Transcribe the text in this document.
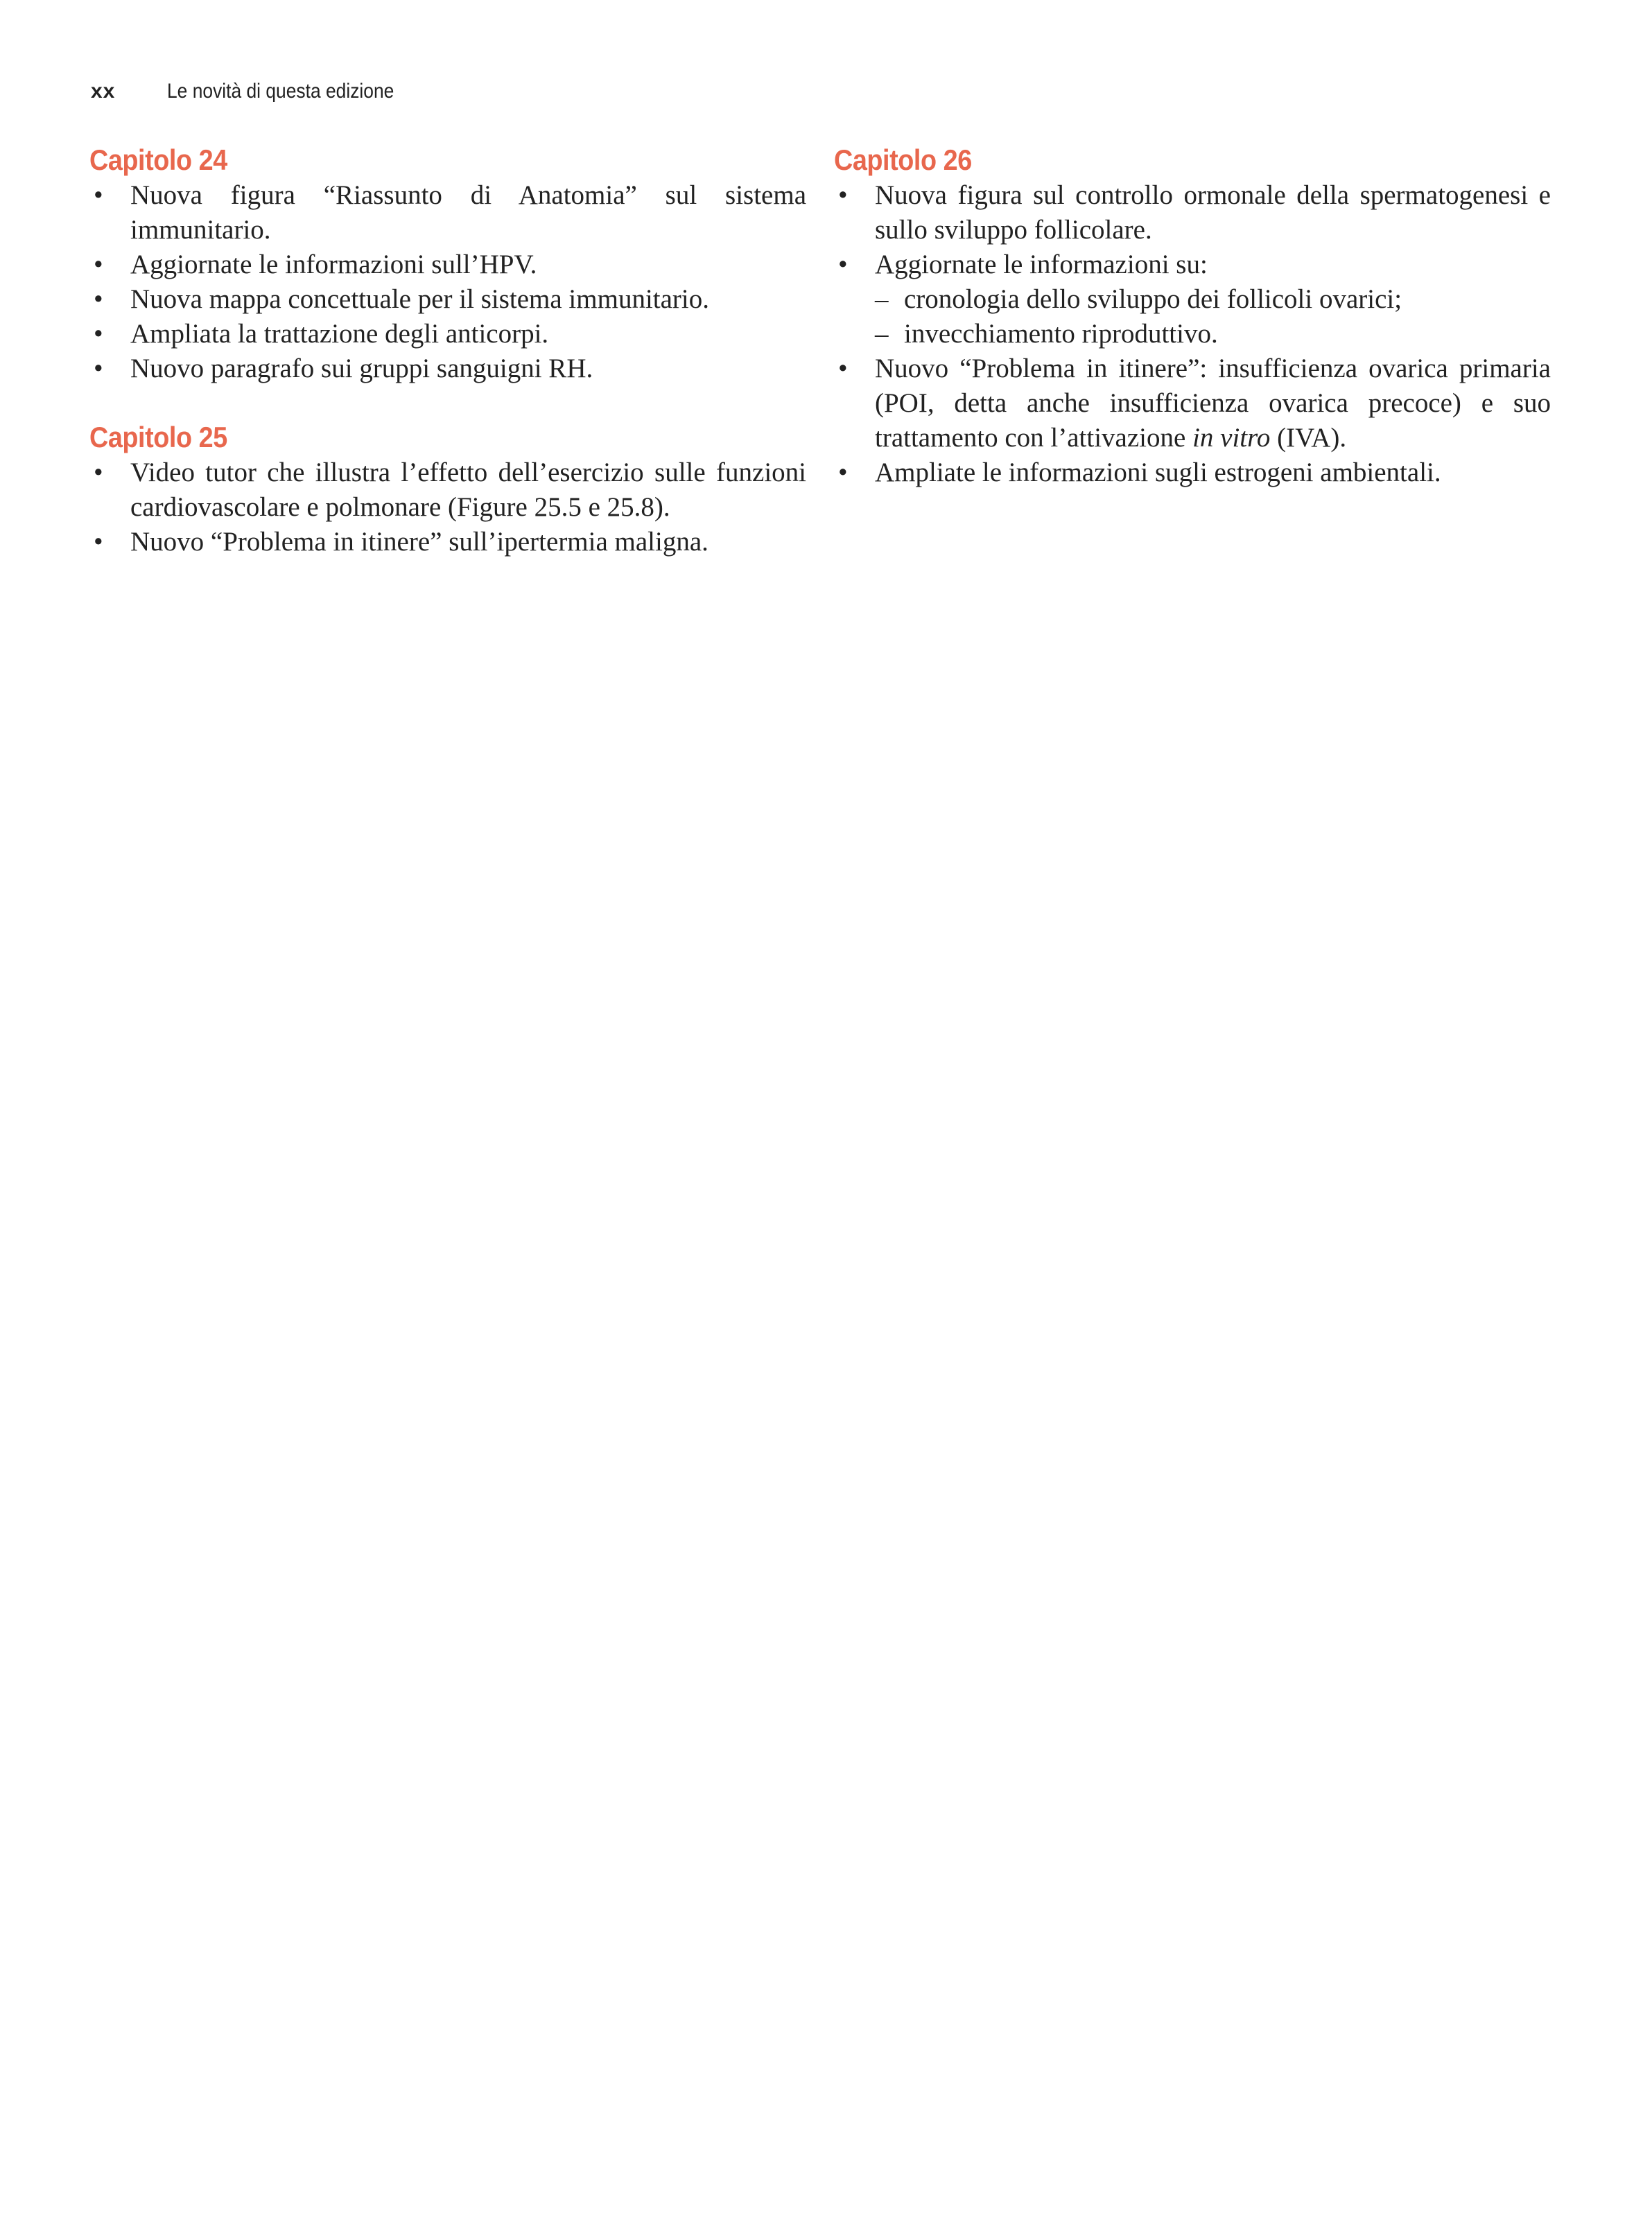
xx	Le novità di questa edizione
Capitolo 24
•	Nuova figura “Riassunto di Anatomia” sul sistema immunitario.
•	Aggiornate le informazioni sull’HPV.
•	Nuova mappa concettuale per il sistema immunitario.
•	Ampliata la trattazione degli anticorpi.
•	Nuovo paragrafo sui gruppi sanguigni RH.
Capitolo 25
•	Video tutor che illustra l’effetto dell’esercizio sulle funzioni cardiovascolare e polmonare (Figure 25.5 e 25.8).
•	Nuovo “Problema in itinere” sull’ipertermia maligna.
Capitolo 26
•	Nuova figura sul controllo ormonale della spermatogenesi e sullo sviluppo follicolare.
•	Aggiornate le informazioni su:
– cronologia dello sviluppo dei follicoli ovarici;
– invecchiamento riproduttivo.
•	Nuovo “Problema in itinere”: insufficienza ovarica primaria (POI, detta anche insufficienza ovarica precoce) e suo trattamento con l’attivazione in vitro (IVA).
•	Ampliate le informazioni sugli estrogeni ambientali.
